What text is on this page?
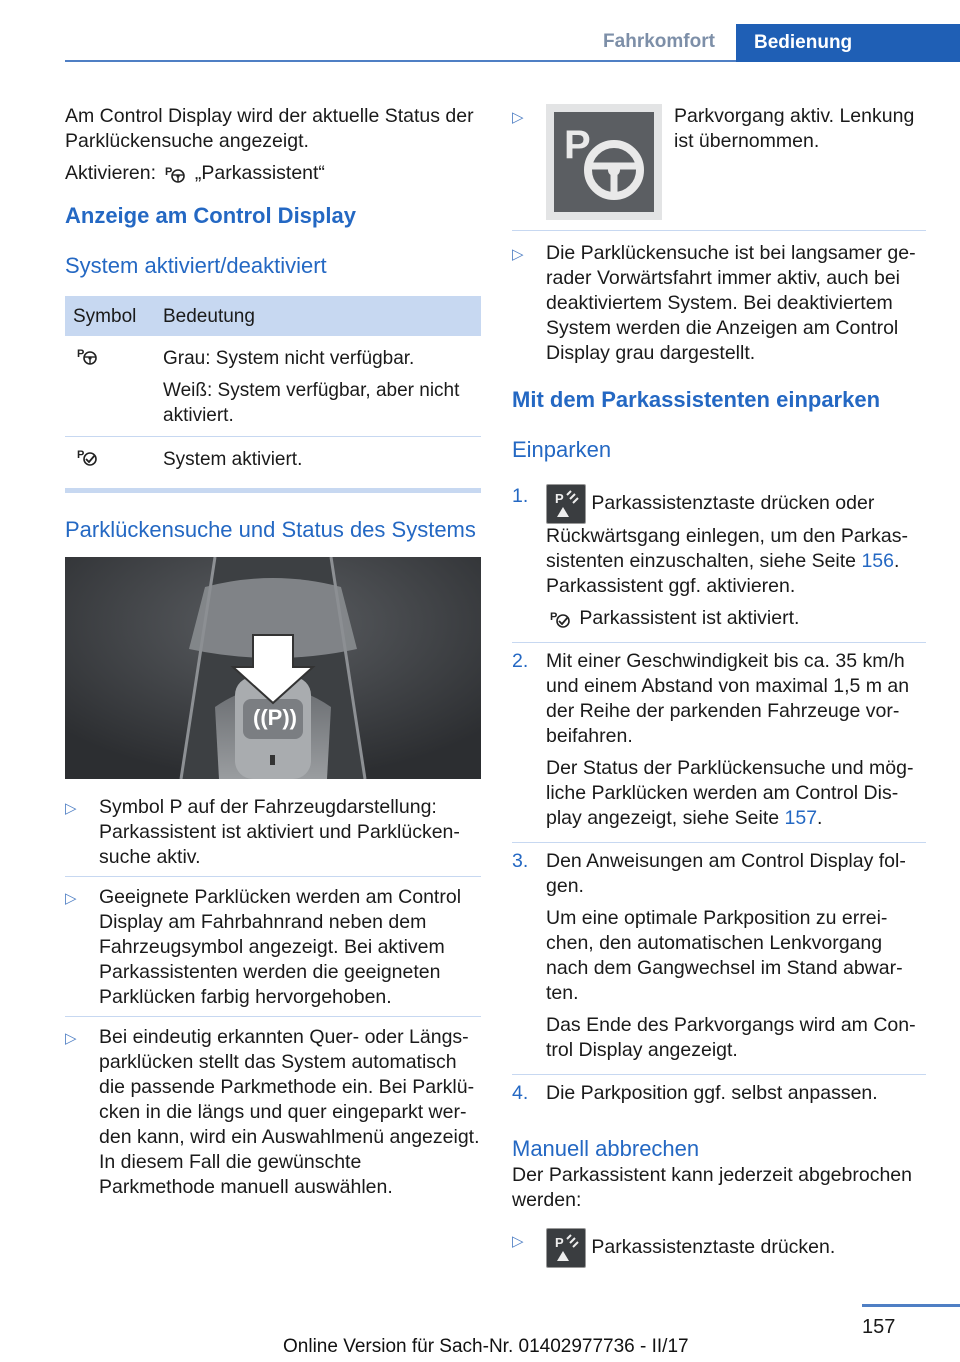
Fahrkomfort	Bedienung

Am Control Display wird der aktuelle Status der Parklückensuche angezeigt.

Aktivieren: P „Parkassistent“

Anzeige am Control Display
System aktiviert/deaktiviert
Symbol	Bedeutung

P	Grau: System nicht verfügbar.

Weiß: System verfügbar, aber nicht aktiviert.

P	System aktiviert.
Parklückensuche und Status des Systems
((P))
▷	Symbol P auf der Fahrzeugdarstellung: Parkassistent ist aktiviert und Parklückensuche aktiv.
▷	Geeignete Parklücken werden am Control Display am Fahrbahnrand neben dem Fahrzeugsymbol angezeigt. Bei aktivem Parkassistenten werden die geeigneten Parklücken farbig hervorgehoben.
▷	Bei eindeutig erkannten Quer- oder Längsparklücken stellt das System automatisch die passende Parkmethode ein. Bei Parklücken in die längs und quer eingeparkt werden kann, wird ein Auswahlmenü angezeigt. In diesem Fall die gewünschte Parkmethode manuell auswählen.
▷
P
Parkvorgang aktiv. Lenkung ist übernommen.
▷	Die Parklückensuche ist bei langsamer gerader Vorwärtsfahrt immer aktiv, auch bei deaktiviertem System. Bei deaktiviertem System werden die Anzeigen am Control Display grau dargestellt.
Mit dem Parkassistenten einparken
Einparken
1.	P Parkassistenztaste drücken oder Rückwärtsgang einlegen, um den Parkassistenten einzuschalten, siehe Seite 156. Parkassistent ggf. aktivieren.

P Parkassistent ist aktiviert.

2. Mit einer Geschwindigkeit bis ca. 35 km/h und einem Abstand von maximal 1,5 m an der Reihe der parkenden Fahrzeuge vorbeifahren.

Der Status der Parklückensuche und mögliche Parklücken werden am Control Display angezeigt, siehe Seite 157.

3. Den Anweisungen am Control Display folgen.

Um eine optimale Parkposition zu erreichen, den automatischen Lenkvorgang nach dem Gangwechsel im Stand abwarten.

Das Ende des Parkvorgangs wird am Control Display angezeigt.

4. Die Parkposition ggf. selbst anpassen.

Manuell abbrechen

Der Parkassistent kann jederzeit abgebrochen werden:

▷	P Parkassistenztaste drücken.
157
Online Version für Sach-Nr. 01402977736 - II/17
